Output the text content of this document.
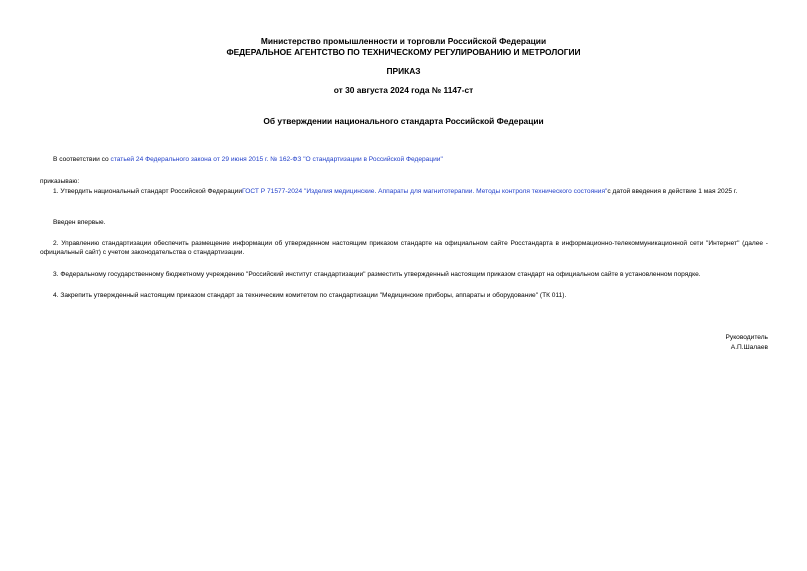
Министерство промышленности и торговли Российской Федерации
ФЕДЕРАЛЬНОЕ АГЕНТСТВО ПО ТЕХНИЧЕСКОМУ РЕГУЛИРОВАНИЮ И МЕТРОЛОГИИ
ПРИКАЗ
от 30 августа 2024 года № 1147-ст
Об утверждении национального стандарта Российской Федерации
В соответствии со статьей 24 Федерального закона от 29 июня 2015 г. № 162-ФЗ "О стандартизации в Российской Федерации"
приказываю:
1. Утвердить национальный стандарт Российской ФедерацииГОСТ Р 71577-2024 "Изделия медицинские. Аппараты для магнитотерапии. Методы контроля технического состояния"с датой введения в действие 1 мая 2025 г.
Введен впервые.
2. Управлению стандартизации обеспечить размещение информации об утвержденном настоящим приказом стандарте на официальном сайте Росстандарта в информационно-телекоммуникационной сети "Интернет" (далее - официальный сайт) с учетом законодательства о стандартизации.
3. Федеральному государственному бюджетному учреждению "Российский институт стандартизации" разместить утвержденный настоящим приказом стандарт на официальном сайте в установленном порядке.
4. Закрепить утвержденный настоящим приказом стандарт за техническим комитетом по стандартизации "Медицинские приборы, аппараты и оборудование" (ТК 011).
Руководитель
А.П.Шалаев
